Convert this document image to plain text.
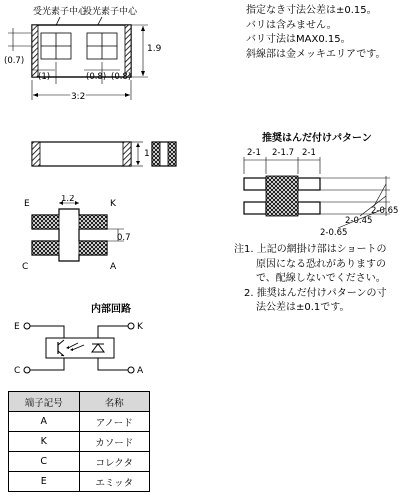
受光素子中心
投光素子中心
(1)	(0.8) (0.8)
3.2
1.9
(0.7)
1
E	K
C	A
1.2
0.7
指定なき寸法公差は±0.15。
バリは含みません。
バリ寸法はMAX0.15。
斜線部は金メッキエリアです。
推奨はんだ付けパターン
2-1 2-1.7 2-1
2-0.65
2-0.45
2-0.65
注1. 上記の網掛け部はショートの
原因になる恐れがありますの
で、配線しないでください。
2. 推奨はんだ付けパターンの寸
法公差は±0.1です。
内部回路
E
C
K
A
端子記号	名称
A	アノード
K	カソード
C	コレクタ
E	エミッタ
